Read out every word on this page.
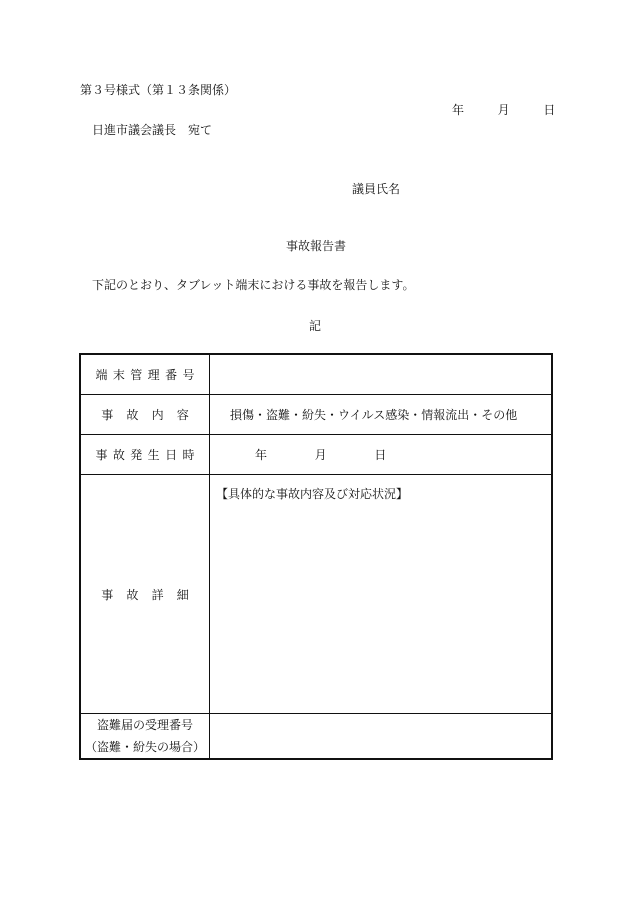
第３号様式（第１３条関係）
年	月	日
日進市議会議長　宛て
議員氏名
事故報告書
下記のとおり、タブレット端末における事故を報告します。
記
端末管理番号	
事故内容	損傷・盗難・紛失・ウイルス感染・情報流出・その他
事故発生日時	年 月 日
事故詳細	【具体的な事故内容及び対応状況】

盗難届の受理番号
（盗難・紛失の場合）	
